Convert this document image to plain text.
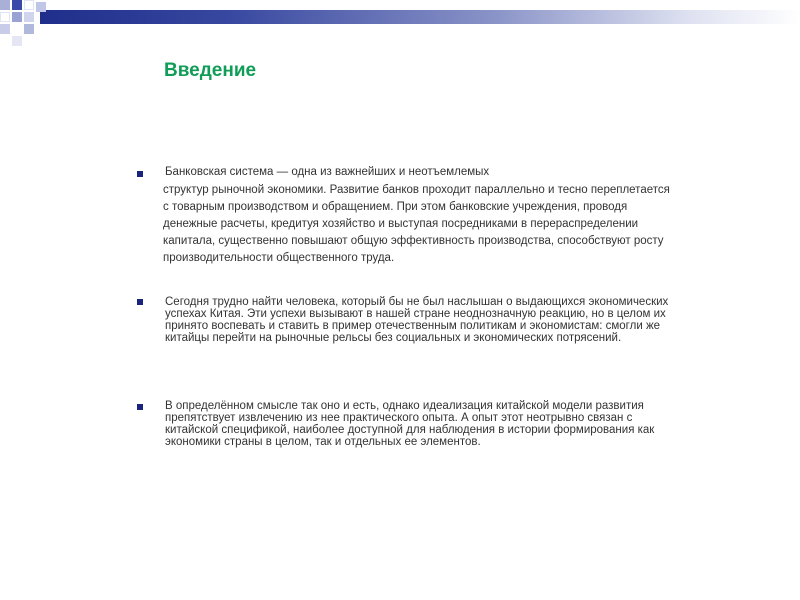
Введение
Банковская система — одна из важнейших и неотъемлемых
структур рыночной экономики. Развитие банков проходит параллельно и тесно переплетается
с товарным производством и обращением. При этом банковские учреждения, проводя
денежные расчеты, кредитуя хозяйство и выступая посредниками в перераспределении
капитала, существенно повышают общую эффективность производства, способствуют росту
производительности общественного труда.
Сегодня трудно найти человека, который бы не был наслышан о выдающихся экономических
успехах Китая. Эти успехи вызывают в нашей стране неоднозначную реакцию, но в целом их
принято воспевать и ставить в пример отечественным политикам и экономистам: смогли же
китайцы перейти на рыночные рельсы без социальных и экономических потрясений.
В определённом смысле так оно и есть, однако идеализация китайской модели развития
препятствует извлечению из нее практического опыта. А опыт этот неотрывно связан с
китайской спецификой, наиболее доступной для наблюдения в истории формирования как
экономики страны в целом, так и отдельных ее элементов.
